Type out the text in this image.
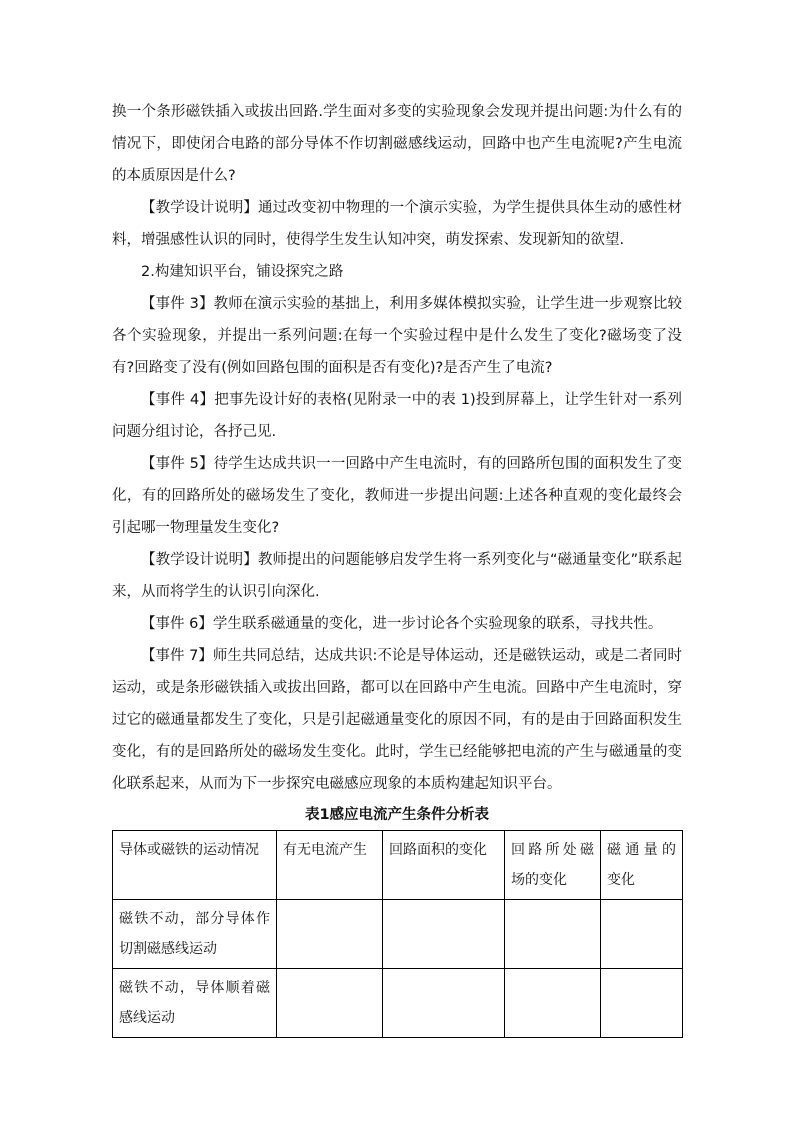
换一个条形磁铁插入或拔出回路.学生面对多变的实验现象会发现并提出问题:为什么有的情况下，即使闭合电路的部分导体不作切割磁感线运动，回路中也产生电流呢?产生电流的本质原因是什么?

【教学设计说明】通过改变初中物理的一个演示实验，为学生提供具体生动的感性材料，增强感性认识的同时，使得学生发生认知冲突，萌发探索、发现新知的欲望.

2.构建知识平台，铺设探究之路

【事件 3】教师在演示实验的基拙上，利用多媒体模拟实验，让学生进一步观察比较各个实验现象，并提出一系列问题:在每一个实验过程中是什么发生了变化?磁场变了没有?回路变了没有(例如回路包围的面积是否有变化)?是否产生了电流?

【事件 4】把事先设计好的表格(见附录一中的表 1)投到屏幕上，让学生针对一系列问题分组讨论，各抒己见.

【事件 5】待学生达成共识一一回路中产生电流时，有的回路所包围的面积发生了变化，有的回路所处的磁场发生了变化，教师进一步提出问题:上述各种直观的变化最终会引起哪一物理量发生变化?

【教学设计说明】教师提出的问题能够启发学生将一系列变化与“磁通量变化”联系起来，从而将学生的认识引向深化.

【事件 6】学生联系磁通量的变化，进一步讨论各个实验现象的联系，寻找共性。

【事件 7】师生共同总结，达成共识:不论是导体运动，还是磁铁运动，或是二者同时运动，或是条形磁铁插入或拔出回路，都可以在回路中产生电流。回路中产生电流时，穿过它的磁通量都发生了变化，只是引起磁通量变化的原因不同，有的是由于回路面积发生变化，有的是回路所处的磁场发生变化。此时，学生已经能够把电流的产生与磁通量的变化联系起来，从而为下一步探究电磁感应现象的本质构建起知识平台。

表1感应电流产生条件分析表

导体或磁铁的运动情况	有无电流产生	回路面积的变化	回路所处磁场的变化	磁通量的变化
磁铁不动，部分导体作切割磁感线运动				
磁铁不动，导体顺着磁感线运动				
